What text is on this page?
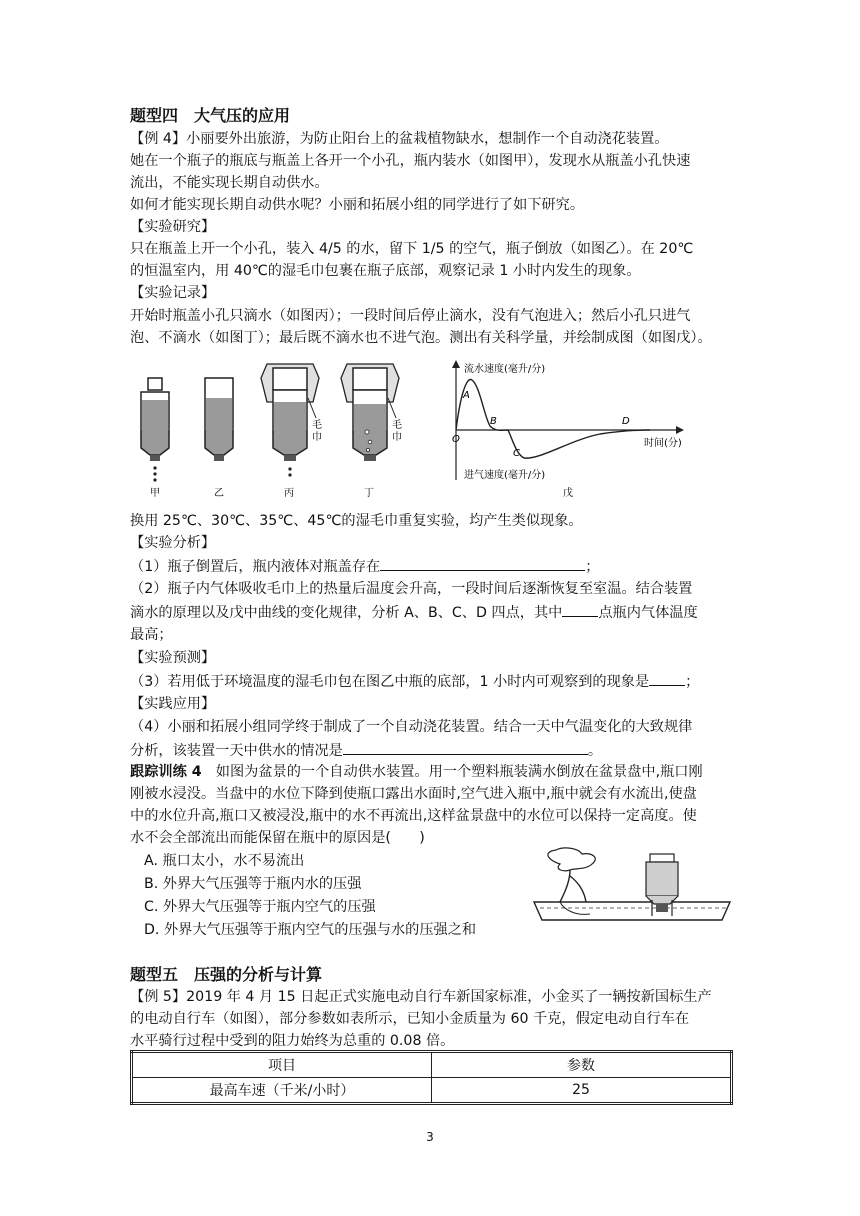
题型四　大气压的应用
【例 4】小丽要外出旅游，为防止阳台上的盆栽植物缺水，想制作一个自动浇花装置。
她在一个瓶子的瓶底与瓶盖上各开一个小孔，瓶内装水（如图甲），发现水从瓶盖小孔快速
流出，不能实现长期自动供水。
如何才能实现长期自动供水呢？小丽和拓展小组的同学进行了如下研究。
【实验研究】
只在瓶盖上开一个小孔，装入 4/5 的水，留下 1/5 的空气，瓶子倒放（如图乙）。在 20℃
的恒温室内，用 40℃的湿毛巾包裹在瓶子底部，观察记录 1 小时内发生的现象。
【实验记录】
开始时瓶盖小孔只滴水（如图丙）；一段时间后停止滴水，没有气泡进入；然后小孔只进气
泡、不滴水（如图丁）；最后既不滴水也不进气泡。测出有关科学量，并绘制成图（如图戊）。
毛
巾
毛
巾
甲	乙	丙	丁
流水速度(毫升/分)
进气速度(毫升/分)
时间(分)
O
A
B
C
D
戊
换用 25℃、30℃、35℃、45℃的湿毛巾重复实验，均产生类似现象。
【实验分析】
（1）瓶子倒置后，瓶内液体对瓶盖存在	；
（2）瓶子内气体吸收毛巾上的热量后温度会升高，一段时间后逐渐恢复至室温。结合装置
滴水的原理以及戊中曲线的变化规律，分析 A、B、C、D 四点，其中	点瓶内气体温度
最高；
【实验预测】
（3）若用低于环境温度的湿毛巾包在图乙中瓶的底部，1 小时内可观察到的现象是	；
【实践应用】
（4）小丽和拓展小组同学终于制成了一个自动浇花装置。结合一天中气温变化的大致规律
分析，该装置一天中供水的情况是	。
跟踪训练 4　如图为盆景的一个自动供水装置。用一个塑料瓶装满水倒放在盆景盘中,瓶口刚
刚被水浸没。当盘中的水位下降到使瓶口露出水面时,空气进入瓶中,瓶中就会有水流出,使盘
中的水位升高,瓶口又被浸没,瓶中的水不再流出,这样盆景盘中的水位可以保持一定高度。使
水不会全部流出而能保留在瓶中的原因是(　　)
A. 瓶口太小，水不易流出
B. 外界大气压强等于瓶内水的压强
C. 外界大气压强等于瓶内空气的压强
D. 外界大气压强等于瓶内空气的压强与水的压强之和
题型五　压强的分析与计算
【例 5】2019 年 4 月 15 日起正式实施电动自行车新国家标准，小金买了一辆按新国标生产
的电动自行车（如图），部分参数如表所示，已知小金质量为 60 千克，假定电动自行车在
水平骑行过程中受到的阻力始终为总重的 0.08 倍。
项目	参数
最高车速（千米/小时）	25
3
